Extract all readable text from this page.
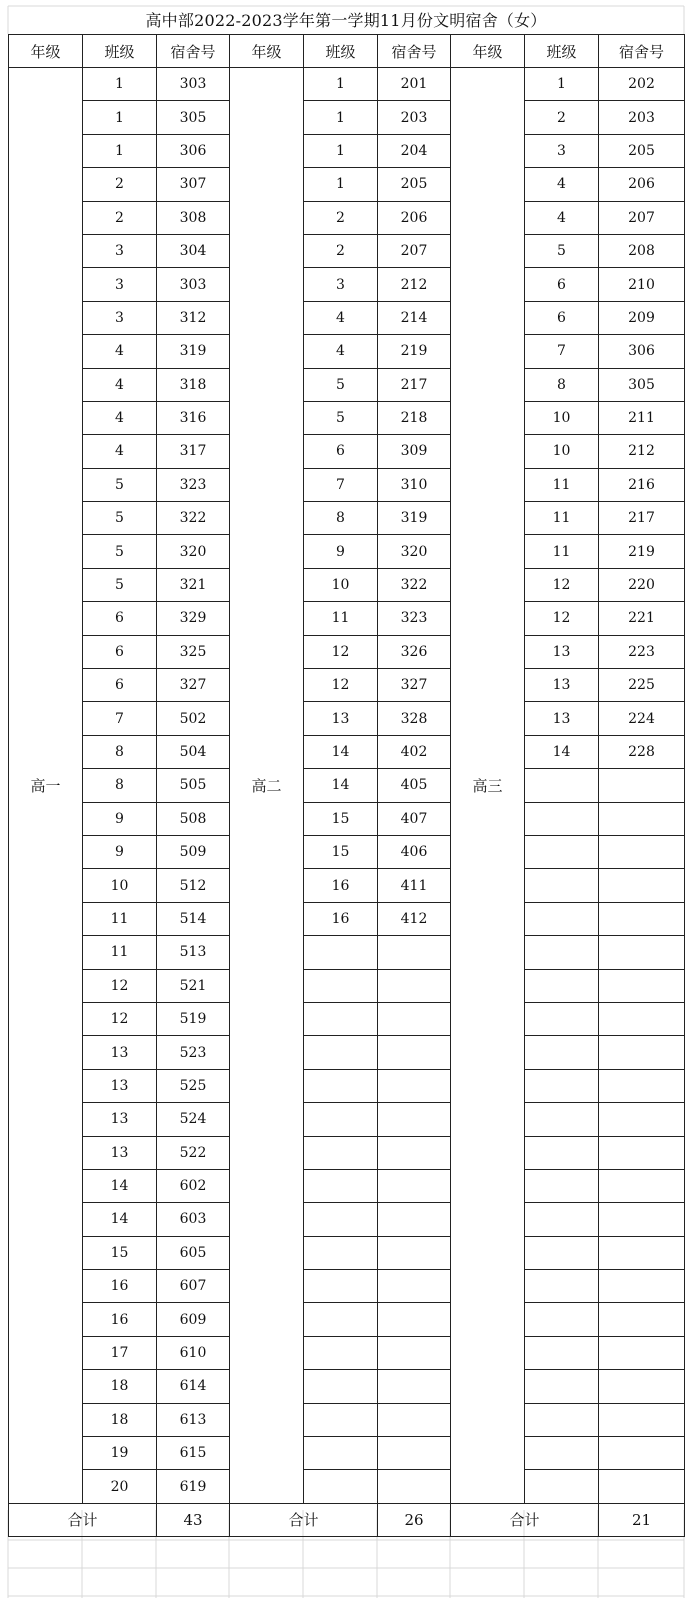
高中部2022-2023学年第一学期11月份文明宿舍（女）
年级	班级	宿舍号	年级	班级	宿舍号	年级	班级	宿舍号
高一	1	303	高二	1	201	高三	1	202
	1	305		1	203		2	203
	1	306		1	204		3	205
	2	307		1	205		4	206
	2	308		2	206		4	207
	3	304		2	207		5	208
	3	303		3	212		6	210
	3	312		4	214		6	209
	4	319		4	219		7	306
	4	318		5	217		8	305
	4	316		5	218		10	211
	4	317		6	309		10	212
	5	323		7	310		11	216
	5	322		8	319		11	217
	5	320		9	320		11	219
	5	321		10	322		12	220
	6	329		11	323		12	221
	6	325		12	326		13	223
	6	327		12	327		13	225
	7	502		13	328		13	224
	8	504		14	402		14	228
	8	505		14	405			
	9	508		15	407			
	9	509		15	406			
	10	512		16	411			
	11	514		16	412			
	11	513						
	12	521						
	12	519						
	13	523						
	13	525						
	13	524						
	13	522						
	14	602						
	14	603						
	15	605						
	16	607						
	16	609						
	17	610						
	18	614						
	18	613						
	19	615						
	20	619						
合计		43	合计		26	合计		21
